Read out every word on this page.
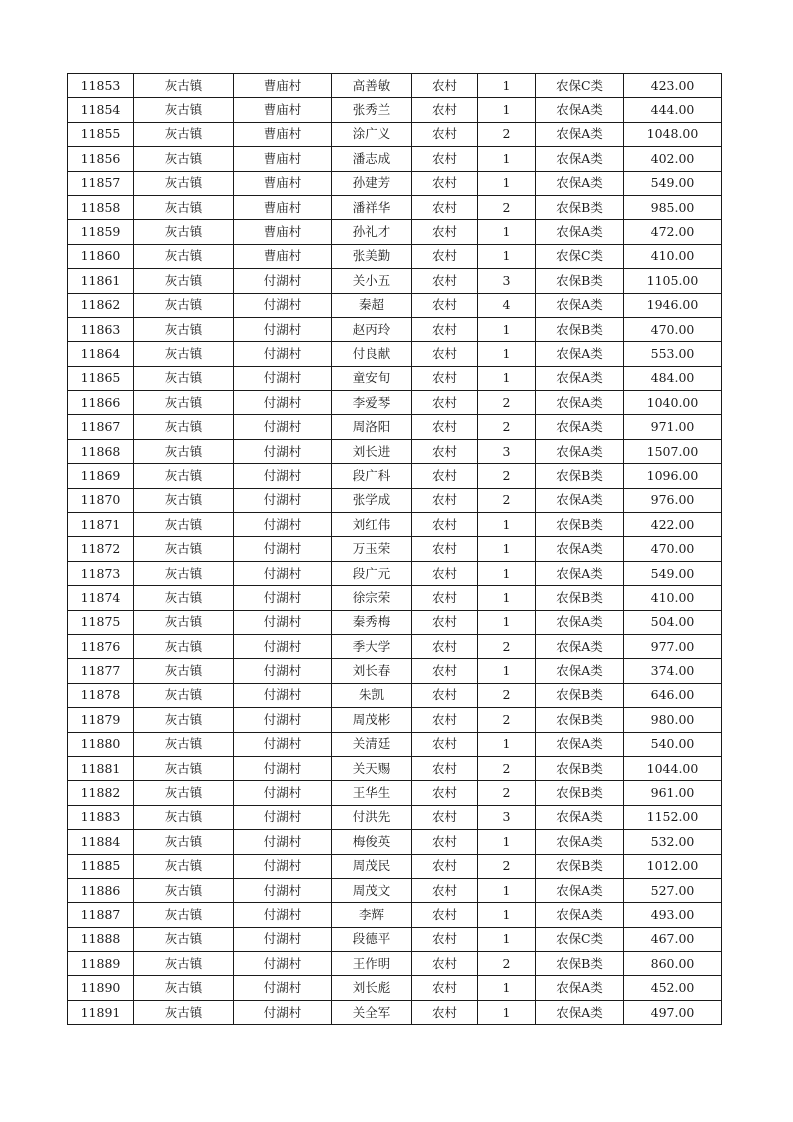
11853	灰古镇	曹庙村	高善敏	农村	1	农保C类	423.00
11854	灰古镇	曹庙村	张秀兰	农村	1	农保A类	444.00
11855	灰古镇	曹庙村	涂广义	农村	2	农保A类	1048.00
11856	灰古镇	曹庙村	潘志成	农村	1	农保A类	402.00
11857	灰古镇	曹庙村	孙建芳	农村	1	农保A类	549.00
11858	灰古镇	曹庙村	潘祥华	农村	2	农保B类	985.00
11859	灰古镇	曹庙村	孙礼才	农村	1	农保A类	472.00
11860	灰古镇	曹庙村	张美勤	农村	1	农保C类	410.00
11861	灰古镇	付湖村	关小五	农村	3	农保B类	1105.00
11862	灰古镇	付湖村	秦超	农村	4	农保A类	1946.00
11863	灰古镇	付湖村	赵丙玲	农村	1	农保B类	470.00
11864	灰古镇	付湖村	付良献	农村	1	农保A类	553.00
11865	灰古镇	付湖村	童安旬	农村	1	农保A类	484.00
11866	灰古镇	付湖村	李爱琴	农村	2	农保A类	1040.00
11867	灰古镇	付湖村	周洛阳	农村	2	农保A类	971.00
11868	灰古镇	付湖村	刘长进	农村	3	农保A类	1507.00
11869	灰古镇	付湖村	段广科	农村	2	农保B类	1096.00
11870	灰古镇	付湖村	张学成	农村	2	农保A类	976.00
11871	灰古镇	付湖村	刘红伟	农村	1	农保B类	422.00
11872	灰古镇	付湖村	万玉荣	农村	1	农保A类	470.00
11873	灰古镇	付湖村	段广元	农村	1	农保A类	549.00
11874	灰古镇	付湖村	徐宗荣	农村	1	农保B类	410.00
11875	灰古镇	付湖村	秦秀梅	农村	1	农保A类	504.00
11876	灰古镇	付湖村	季大学	农村	2	农保A类	977.00
11877	灰古镇	付湖村	刘长春	农村	1	农保A类	374.00
11878	灰古镇	付湖村	朱凯	农村	2	农保B类	646.00
11879	灰古镇	付湖村	周茂彬	农村	2	农保B类	980.00
11880	灰古镇	付湖村	关清廷	农村	1	农保A类	540.00
11881	灰古镇	付湖村	关天赐	农村	2	农保B类	1044.00
11882	灰古镇	付湖村	王华生	农村	2	农保B类	961.00
11883	灰古镇	付湖村	付洪先	农村	3	农保A类	1152.00
11884	灰古镇	付湖村	梅俊英	农村	1	农保A类	532.00
11885	灰古镇	付湖村	周茂民	农村	2	农保B类	1012.00
11886	灰古镇	付湖村	周茂文	农村	1	农保A类	527.00
11887	灰古镇	付湖村	李辉	农村	1	农保A类	493.00
11888	灰古镇	付湖村	段德平	农村	1	农保C类	467.00
11889	灰古镇	付湖村	王作明	农村	2	农保B类	860.00
11890	灰古镇	付湖村	刘长彪	农村	1	农保A类	452.00
11891	灰古镇	付湖村	关全军	农村	1	农保A类	497.00
